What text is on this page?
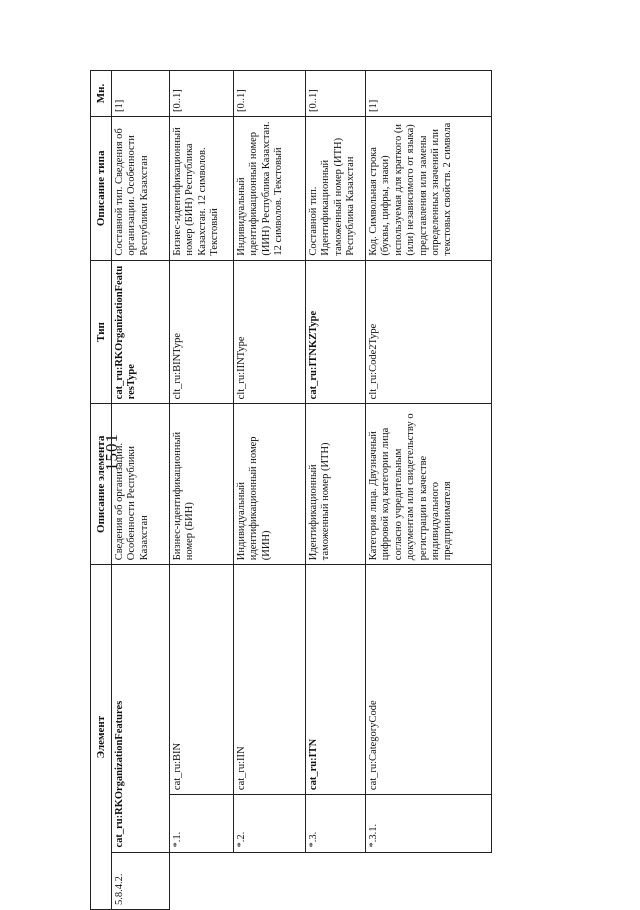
1501
Элемент			Описание элемента	Тип	Описание типа	Мн.
5.8.4.2.	cat_ru:RKOrganizationFeatures		Сведения об организации. Особенности Республики Казахстан	cat_ru:RKOrganizationFeaturesType	Составной тип. Сведения об организации. Особенности Республики Казахстан	[1]
	*.1.	cat_ru:BIN	Бизнес-идентификационный номер (БИН)	clt_ru:BINType	Бизнес-идентификационный номер (БИН) Республика Казахстан. 12 символов. Текстовый	[0..1]
	*.2.	cat_ru:IIN	Индивидуальный идентификационный номер (ИИН)	clt_ru:IINType	Индивидуальный идентификационный номер (ИИН) Республика Казахстан. 12 символов. Текстовый	[0..1]
	*.3.	cat_ru:ITN	Идентификационный таможенный номер (ИТН)	cat_ru:ITNKZType	Составной тип. Идентификационный таможенный номер (ИТН) Республика Казахстан	[0..1]
	*.3.1.	cat_ru:CategoryCode	Категория лица. Двузначный цифровой код категории лица согласно учредительным документам или свидетельству о регистрации в качестве индивидуального предпринимателя	clt_ru:Code2Type	Код. Символьная строка (буквы, цифры, знаки) используемая для краткого (и (или) независимого от языка) представления или замены определенных значений или текстовых свойств. 2 символа	[1]
